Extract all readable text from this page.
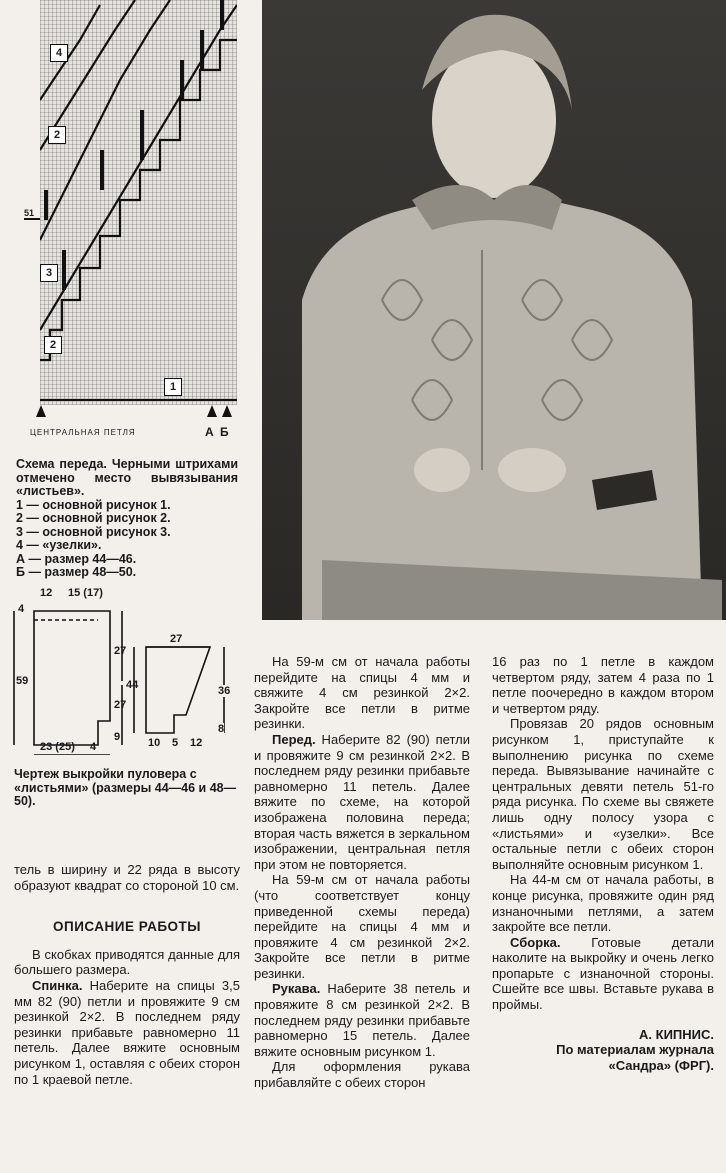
4
2
3
2
1
51
ЦЕНТРАЛЬНАЯ ПЕТЛЯ	А Б
Схема переда. Черными штрихами отмечено место вывязывания «листьев».
1 — основной рисунок 1.
2 — основной рисунок 2.
3 — основной рисунок 3.
4 — «узелки».
А — размер 44—46.
Б — размер 48—50.
12 15 (17)
4
59
27
27
9
23 (25) 4
27
44	36
8
10 5 12
Чертеж выкройки пуловера с «листьями» (размеры 44—46 и 48—50).

тель в ширину и 22 ряда в высоту образуют квадрат со стороной 10 см.

ОПИСАНИЕ РАБОТЫ

В скобках приводятся данные для большего размера.

Спинка. Наберите на спицы 3,5 мм 82 (90) петли и провяжите 9 см резинкой 2×2. В последнем ряду резинки прибавьте равномерно 11 петель. Далее вяжите основным рисунком 1, оставляя с обеих сторон по 1 краевой петле.

На 59-м см от начала работы перейдите на спицы 4 мм и свяжите 4 см резинкой 2×2. Закройте все петли в ритме резинки.

Перед. Наберите 82 (90) петли и провяжите 9 см резинкой 2×2. В последнем ряду резинки прибавьте равномерно 11 петель. Далее вяжите по схеме, на которой изображена половина переда; вторая часть вяжется в зеркальном изображении, центральная петля при этом не повторяется.

На 59-м см от начала работы (что соответствует концу приведенной схемы переда) перейдите на спицы 4 мм и провяжите 4 см резинкой 2×2. Закройте все петли в ритме резинки.

Рукава. Наберите 38 петель и провяжите 8 см резинкой 2×2. В последнем ряду резинки прибавьте равномерно 15 петель. Далее вяжите основным рисунком 1.

Для оформления рукава прибавляйте с обеих сторон

16 раз по 1 петле в каждом четвертом ряду, затем 4 раза по 1 петле поочередно в каждом втором и четвертом ряду.

Провязав 20 рядов основным рисунком 1, приступайте к выполнению рисунка по схеме переда. Вывязывание начинайте с центральных девяти петель 51-го ряда рисунка. По схеме вы свяжете лишь одну полосу узора с «листьями» и «узелки». Все остальные петли с обеих сторон выполняйте основным рисунком 1.

На 44-м см от начала работы, в конце рисунка, провяжите один ряд изнаночными петлями, а затем закройте все петли.

Сборка. Готовые детали наколите на выкройку и очень легко пропарьте с изнаночной стороны. Сшейте все швы. Вставьте рукава в проймы.

А. КИПНИС.

По материалам журнала

«Сандра» (ФРГ).
